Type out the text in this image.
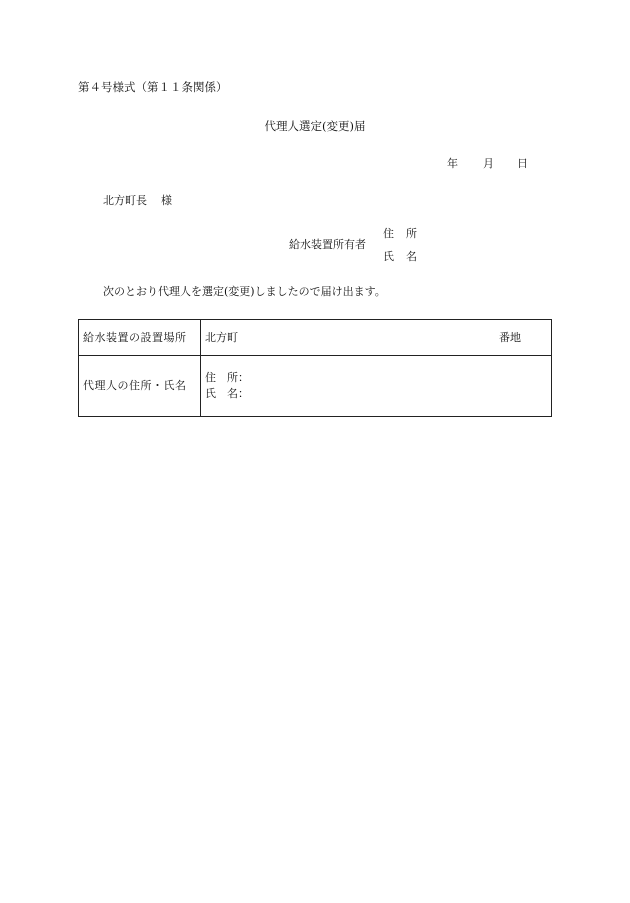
第４号様式（第１１条関係）
代理人選定(変更)届
年 月 日
北方町長 様
給水装置所有者
住 所
氏 名
次のとおり代理人を選定(変更)しましたので届け出ます。
給水装置の設置場所	北方町 番地

代理人の住所・氏名	住　所：
氏　名：
